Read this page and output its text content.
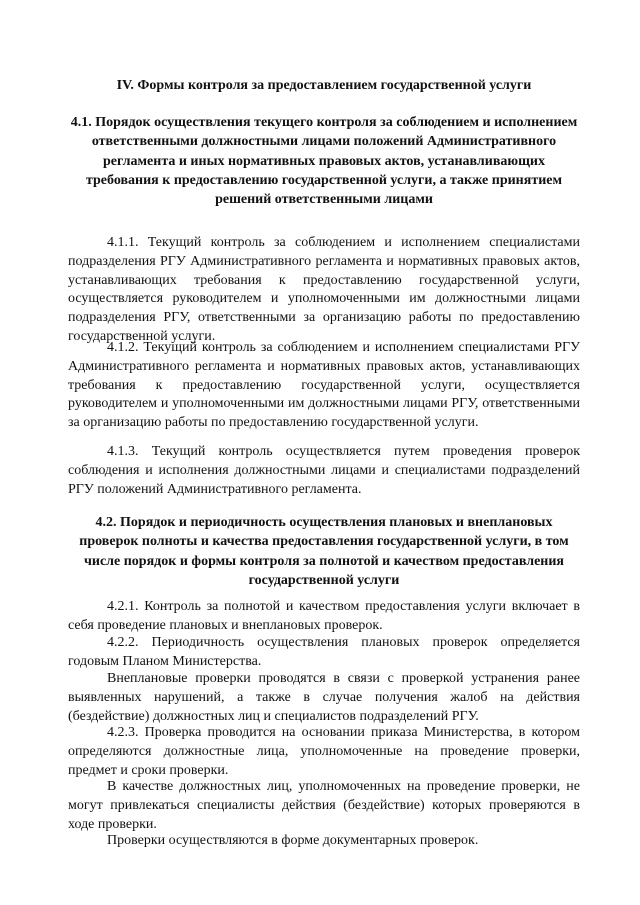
IV. Формы контроля за предоставлением государственной услуги
4.1. Порядок осуществления текущего контроля за соблюдением и исполнением ответственными должностными лицами положений Административного регламента и иных нормативных правовых актов, устанавливающих требования к предоставлению государственной услуги, а также принятием решений ответственными лицами

4.1.1. Текущий контроль за соблюдением и исполнением специалистами подразделения РГУ Административного регламента и нормативных правовых актов, устанавливающих требования к предоставлению государственной услуги, осуществляется руководителем и уполномоченными им должностными лицами подразделения РГУ, ответственными за организацию работы по предоставлению государственной услуги.

4.1.2. Текущий контроль за соблюдением и исполнением специалистами РГУ Административного регламента и нормативных правовых актов, устанавливающих требования к предоставлению государственной услуги, осуществляется руководителем и уполномоченными им должностными лицами РГУ, ответственными за организацию работы по предоставлению государственной услуги.

4.1.3. Текущий контроль осуществляется путем проведения проверок соблюдения и исполнения должностными лицами и специалистами подразделений РГУ положений Административного регламента.

4.2. Порядок и периодичность осуществления плановых и внеплановых проверок полноты и качества предоставления государственной услуги, в том числе порядок и формы контроля за полнотой и качеством предоставления государственной услуги

4.2.1. Контроль за полнотой и качеством предоставления услуги включает в себя проведение плановых и внеплановых проверок.

4.2.2. Периодичность осуществления плановых проверок определяется годовым Планом Министерства.

Внеплановые проверки проводятся в связи с проверкой устранения ранее выявленных нарушений, а также в случае получения жалоб на действия (бездействие) должностных лиц и специалистов подразделений РГУ.

4.2.3. Проверка проводится на основании приказа Министерства, в котором определяются должностные лица, уполномоченные на проведение проверки, предмет и сроки проверки.

В качестве должностных лиц, уполномоченных на проведение проверки, не могут привлекаться специалисты действия (бездействие) которых проверяются в ходе проверки.

Проверки осуществляются в форме документарных проверок.
